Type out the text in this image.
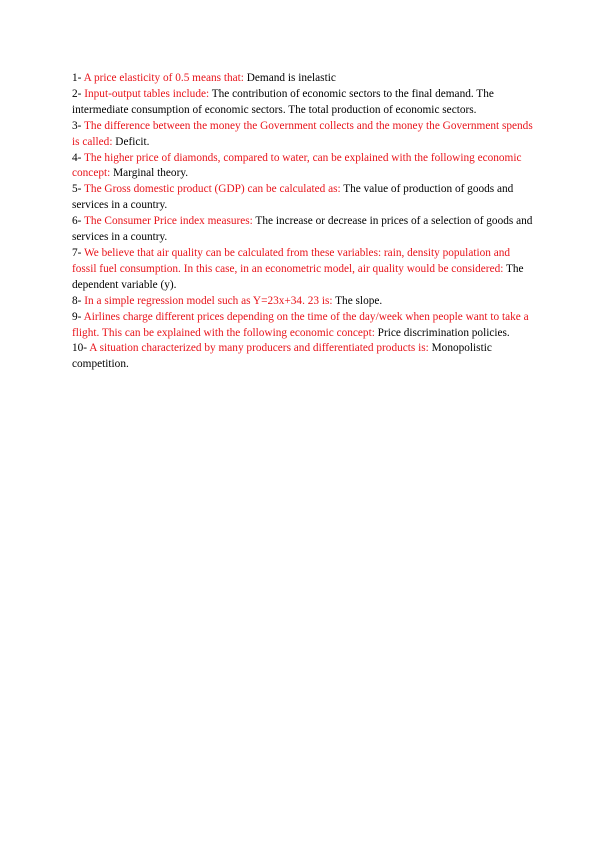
1- A price elasticity of 0.5 means that: Demand is inelastic

2- Input-output tables include: The contribution of economic sectors to the final demand. The intermediate consumption of economic sectors. The total production of economic sectors.

3- The difference between the money the Government collects and the money the Government spends is called: Deficit.

4- The higher price of diamonds, compared to water, can be explained with the following economic concept: Marginal theory.

5- The Gross domestic product (GDP) can be calculated as: The value of production of goods and services in a country.

6- The Consumer Price index measures: The increase or decrease in prices of a selection of goods and services in a country.

7- We believe that air quality can be calculated from these variables: rain, density population and fossil fuel consumption. In this case, in an econometric model, air quality would be considered: The dependent variable (y).

8- In a simple regression model such as Y=23x+34. 23 is: The slope.

9- Airlines charge different prices depending on the time of the day/week when people want to take a flight. This can be explained with the following economic concept: Price discrimination policies.

10- A situation characterized by many producers and differentiated products is: Monopolistic competition.
